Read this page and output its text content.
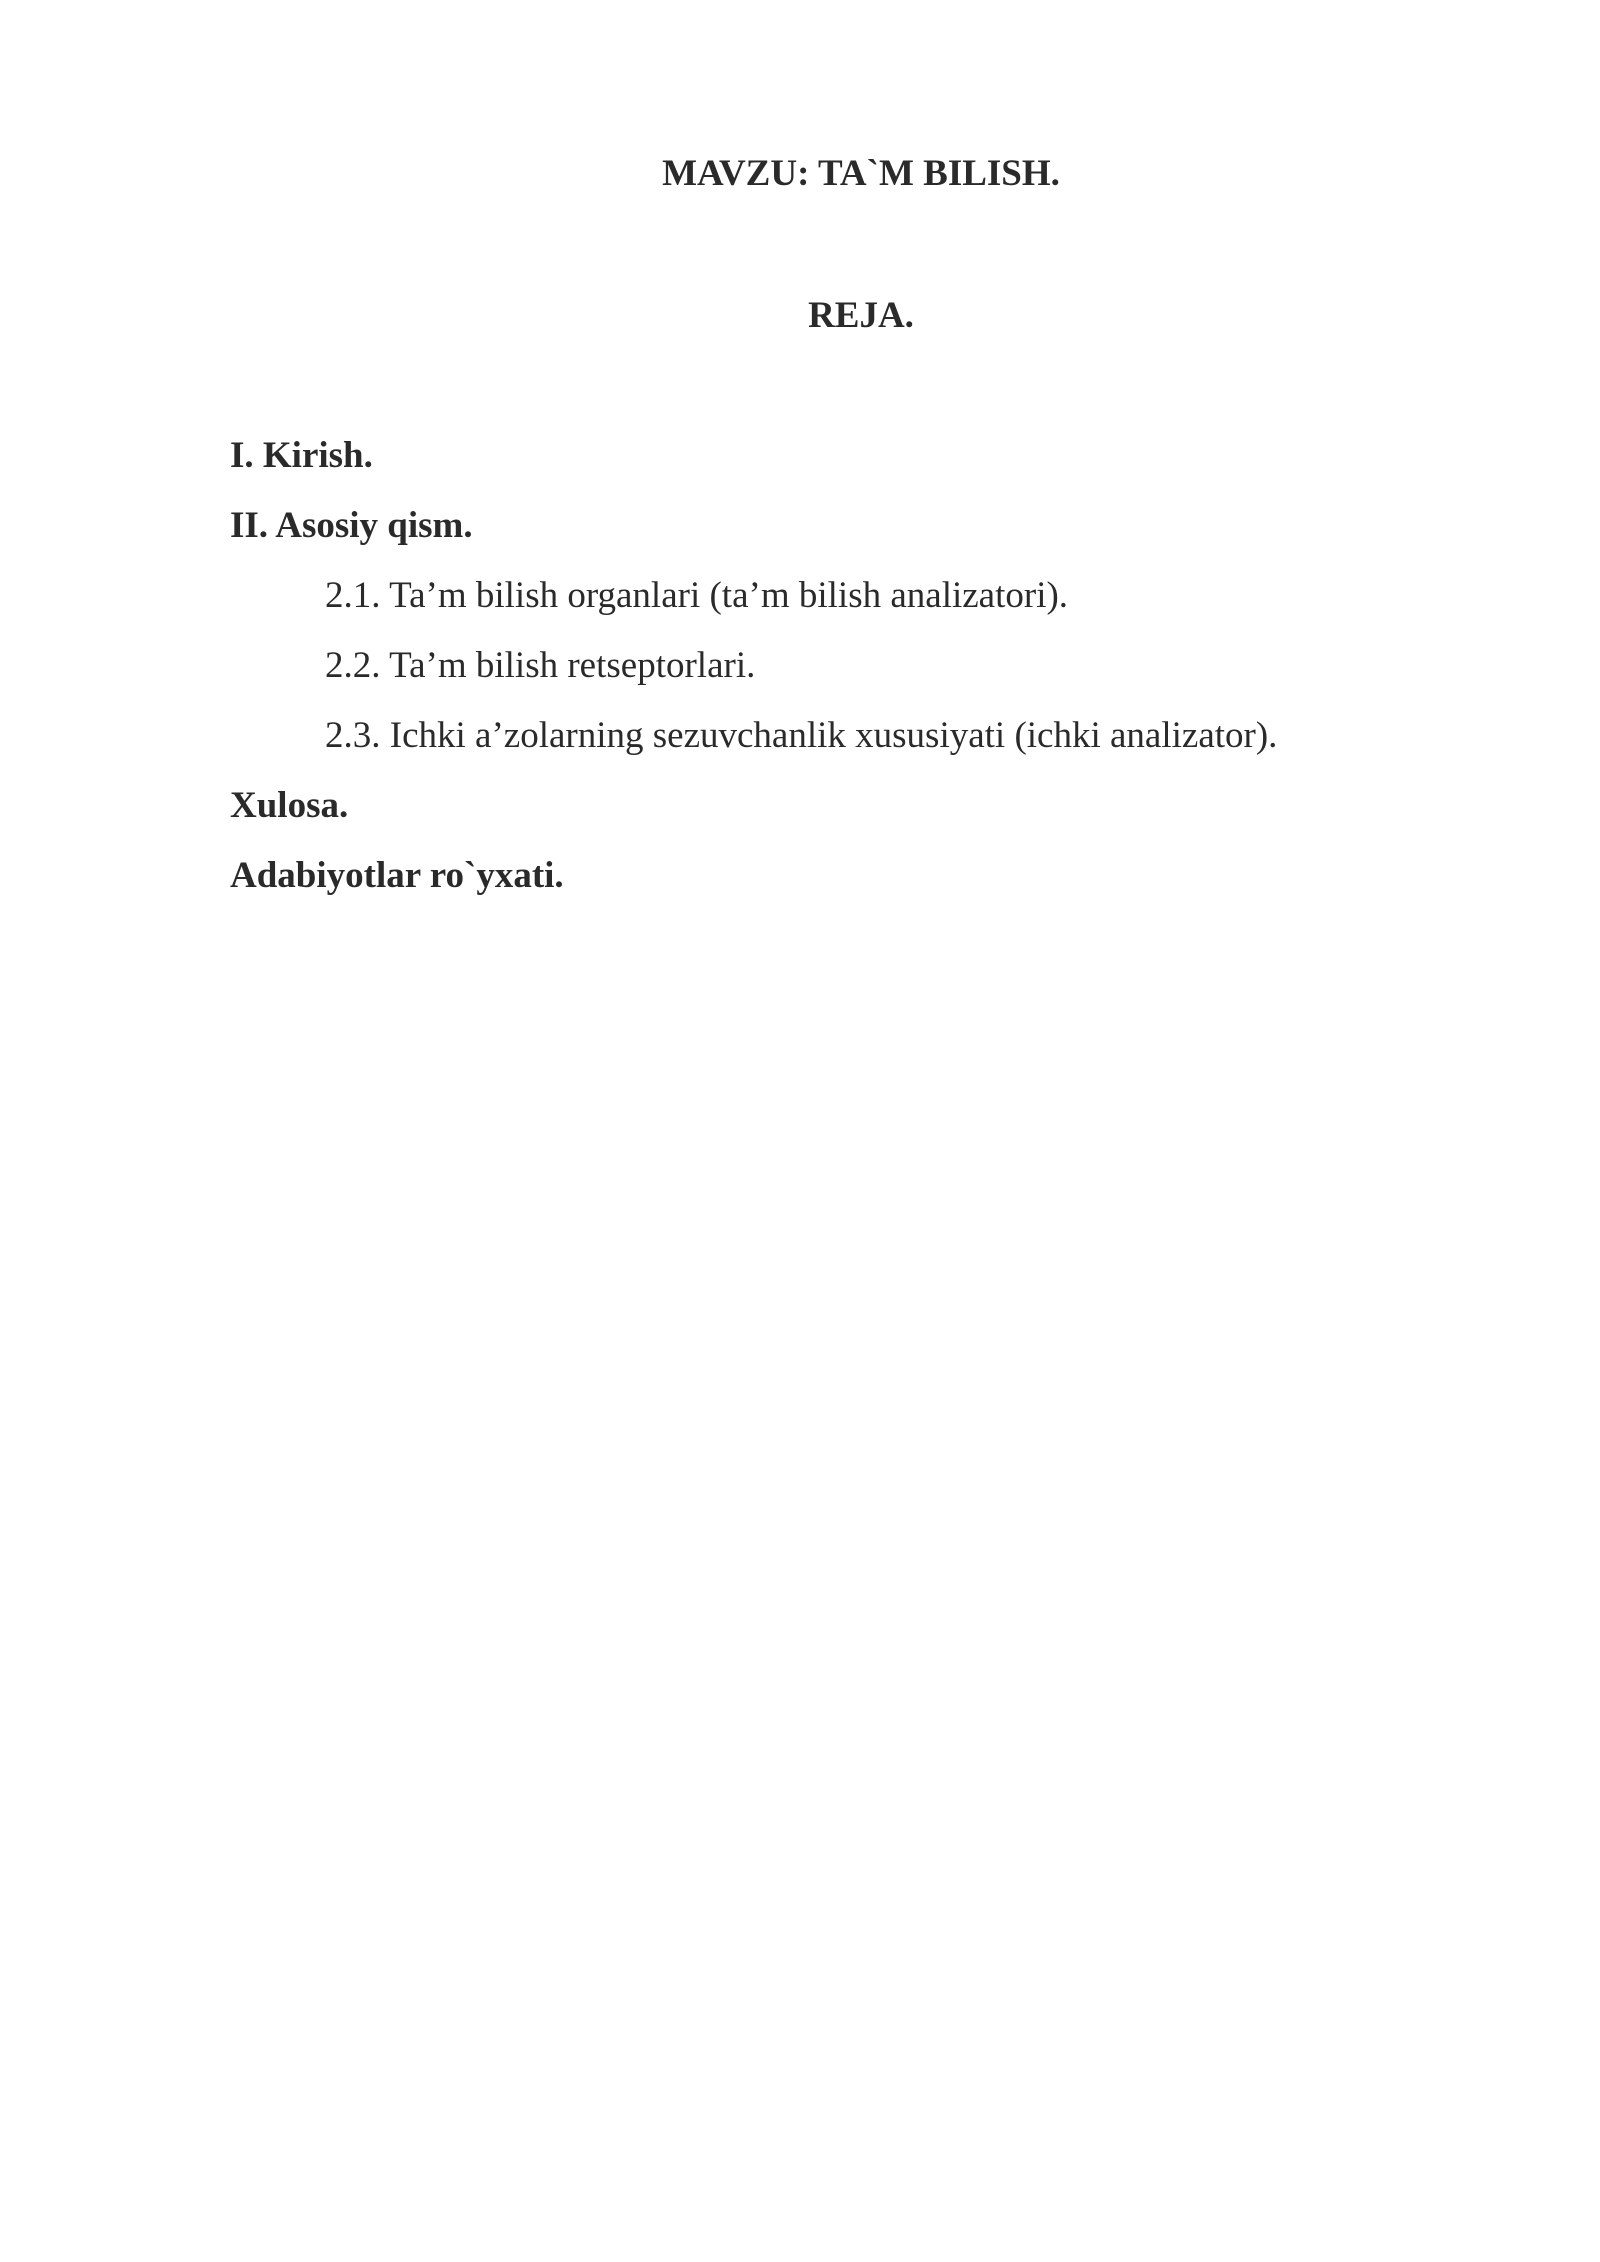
MAVZU: TA`M BILISH.
REJA.
I. Kirish.
II. Asosiy qism.
2.1. Ta’m bilish organlari (ta’m bilish analizatori).
2.2. Ta’m bilish retseptorlari.
2.3. Ichki a’zolarning sezuvchanlik xususiyati (ichki analizator).
Xulosa.
Adabiyotlar ro`yxati.
